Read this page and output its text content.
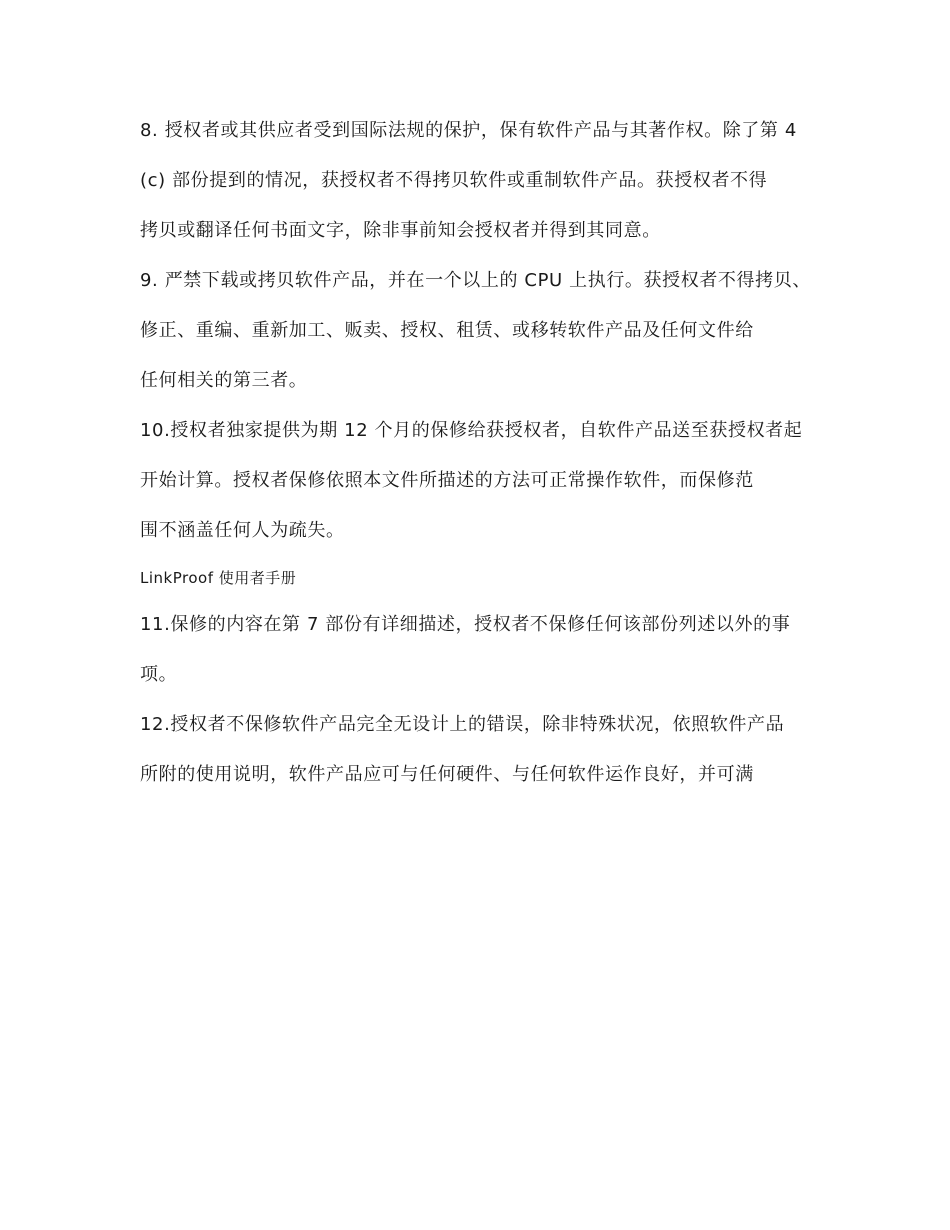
8. 授权者或其供应者受到国际法规的保护，保有软件产品与其著作权。除了第 4

(c) 部份提到的情况，获授权者不得拷贝软件或重制软件产品。获授权者不得

拷贝或翻译任何书面文字，除非事前知会授权者并得到其同意。

9. 严禁下载或拷贝软件产品，并在一个以上的 CPU 上执行。获授权者不得拷贝、

修正、重编、重新加工、贩卖、授权、租赁、或移转软件产品及任何文件给

任何相关的第三者。

10.授权者独家提供为期 12 个月的保修给获授权者，自软件产品送至获授权者起

开始计算。授权者保修依照本文件所描述的方法可正常操作软件，而保修范

围不涵盖任何人为疏失。

LinkProof 使用者手册

11.保修的内容在第 7 部份有详细描述，授权者不保修任何该部份列述以外的事

项。

12.授权者不保修软件产品完全无设计上的错误，除非特殊状况，依照软件产品

所附的使用说明，软件产品应可与任何硬件、与任何软件运作良好，并可满
